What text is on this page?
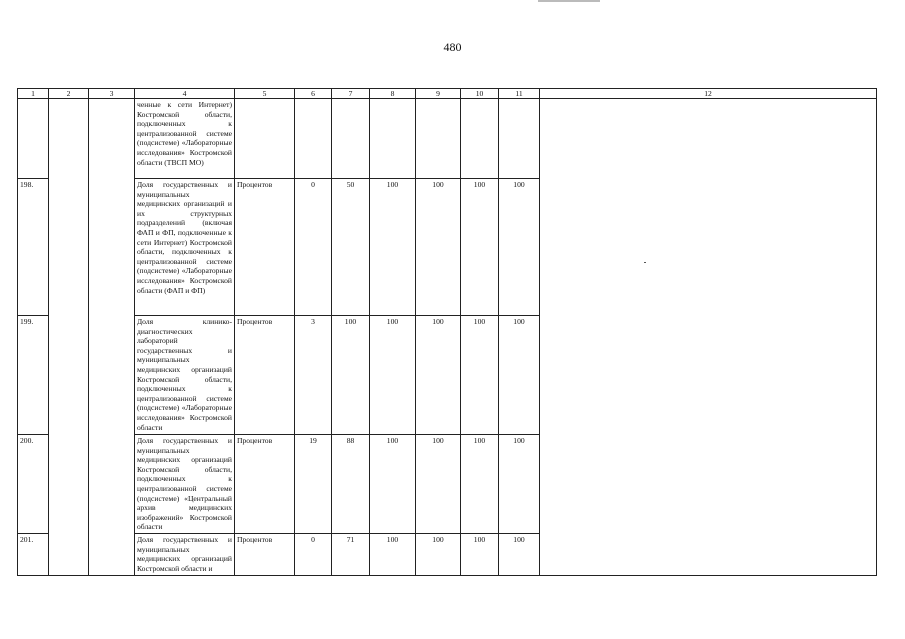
480
1	2	3	4	5	6	7	8	9	10	11	12
			ченные к сети Интернет) Костромской области, подключенных к централизованной системе (подсистеме) «Лабораторные исследования» Костромской области (ТВСП МО)								
198.			Доля государственных и муниципальных медицинских организаций и их структурных подразделений (включая ФАП и ФП, подключенные к сети Интернет) Костромской области, подключенных к централизованной системе (подсистеме) «Лабораторные исследования» Костромской области (ФАП и ФП)	Процентов	0	50	100	100	100	100	
199.			Доля клинико-диагностических лабораторий государственных и муниципальных медицинских организаций Костромской области, подключенных к централизованной системе (подсистеме) «Лабораторные исследования» Костромской области	Процентов	3	100	100	100	100	100	
200.			Доля государственных и муниципальных медицинских организаций Костромской области, подключенных к централизованной системе (подсистеме) «Центральный архив медицинских изображений» Костромской области	Процентов	19	88	100	100	100	100	
201.			Доля государственных и муниципальных медицинских организаций Костромской области и	Процентов	0	71	100	100	100	100	
